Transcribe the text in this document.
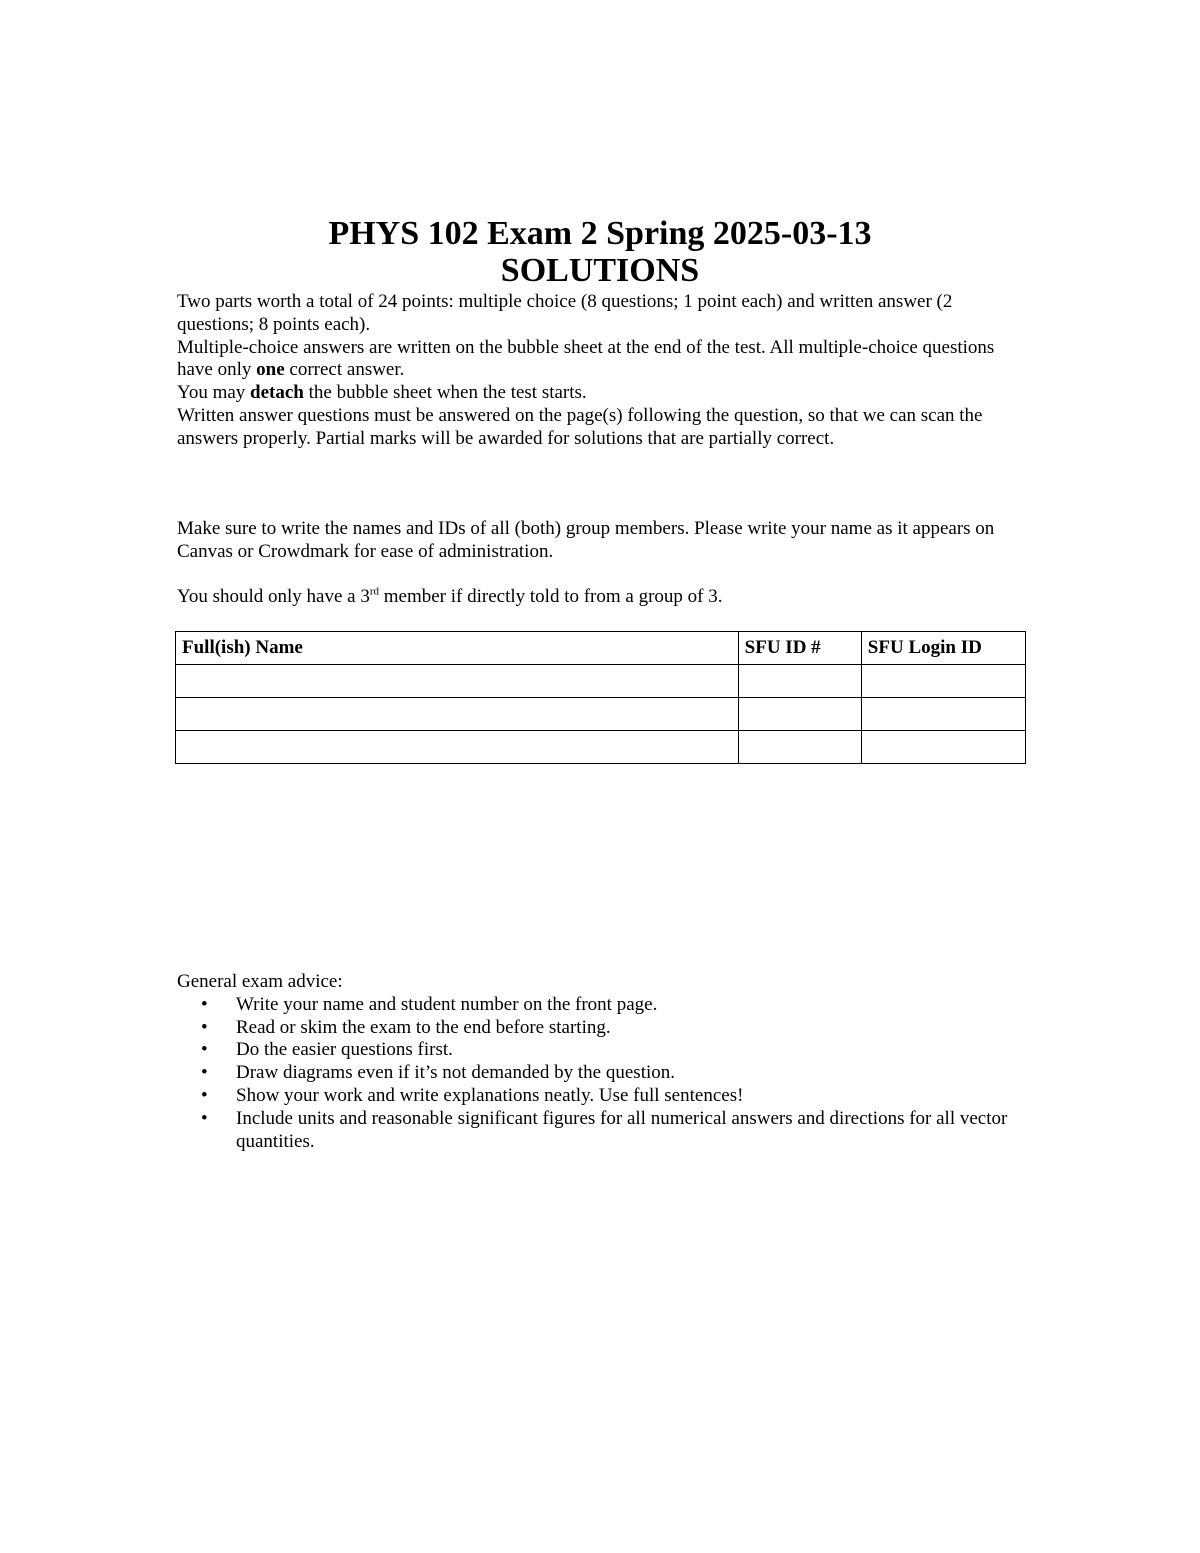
PHYS 102 Exam 2 Spring 2025-03-13
SOLUTIONS

Two parts worth a total of 24 points: multiple choice (8 questions; 1 point each) and written answer (2 questions; 8 points each).

Multiple-choice answers are written on the bubble sheet at the end of the test. All multiple-choice questions have only one correct answer.

You may detach the bubble sheet when the test starts.

Written answer questions must be answered on the page(s) following the question, so that we can scan the answers properly. Partial marks will be awarded for solutions that are partially correct.

Make sure to write the names and IDs of all (both) group members. Please write your name as it appears on Canvas or Crowdmark for ease of administration.
You should only have a 3rd member if directly told to from a group of 3.
Full(ish) Name	SFU ID #	SFU Login ID

General exam advice:

• Write your name and student number on the front page.
• Read or skim the exam to the end before starting.
• Do the easier questions first.
• Draw diagrams even if it’s not demanded by the question.
• Show your work and write explanations neatly. Use full sentences!
• Include units and reasonable significant figures for all numerical answers and directions for all vector quantities.
